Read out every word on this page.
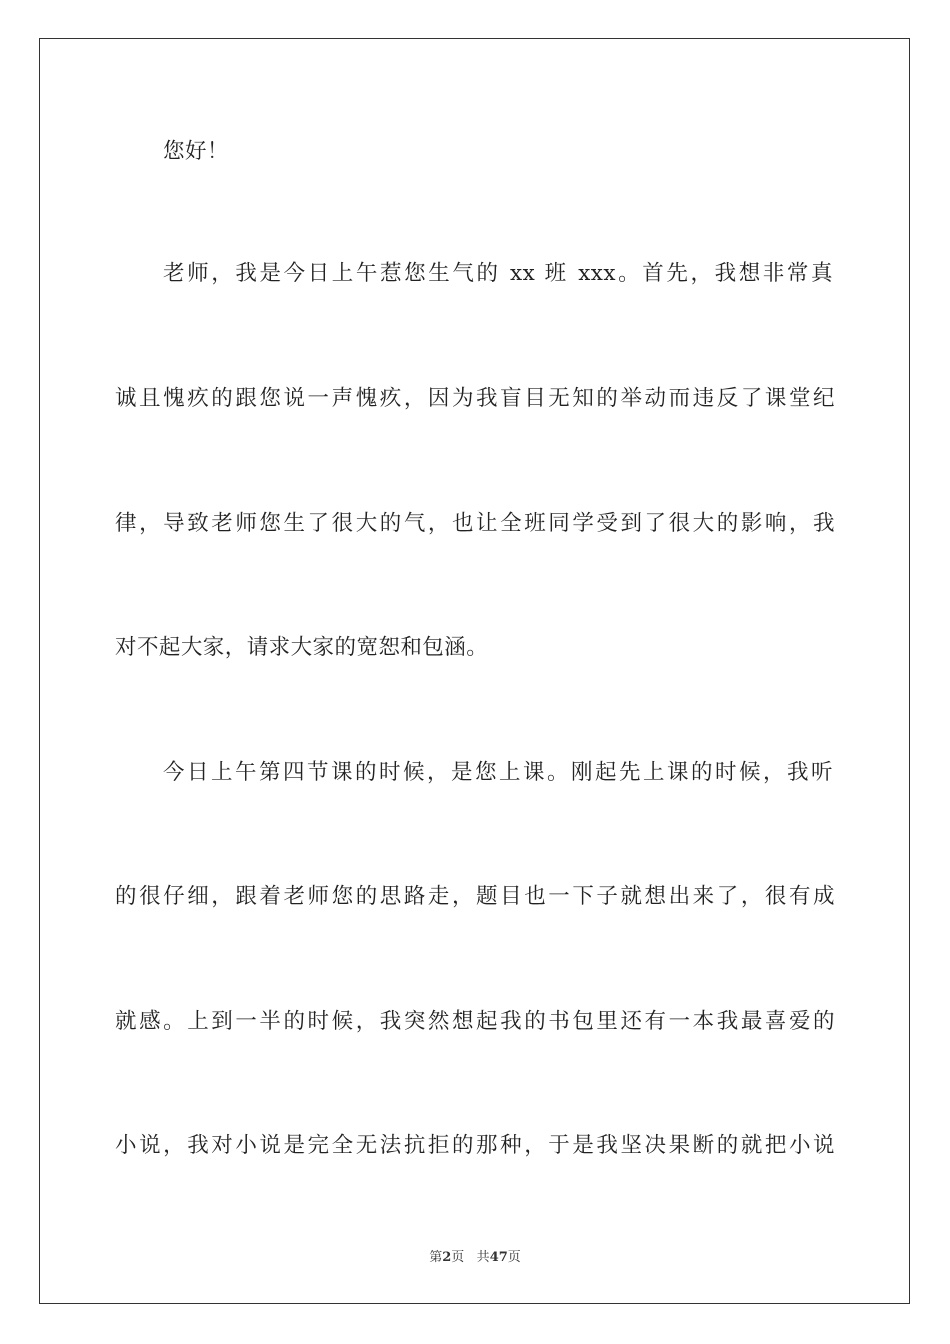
您好！
老师，我是今日上午惹您生气的 xx 班 xxx。首先，我想非常真
诚且愧疚的跟您说一声愧疚，因为我盲目无知的举动而违反了课堂纪
律，导致老师您生了很大的气，也让全班同学受到了很大的影响，我
对不起大家，请求大家的宽恕和包涵。
今日上午第四节课的时候，是您上课。刚起先上课的时候，我听
的很仔细，跟着老师您的思路走，题目也一下子就想出来了，很有成
就感。上到一半的时候，我突然想起我的书包里还有一本我最喜爱的
小说，我对小说是完全无法抗拒的那种，于是我坚决果断的就把小说
第2页 共47页
